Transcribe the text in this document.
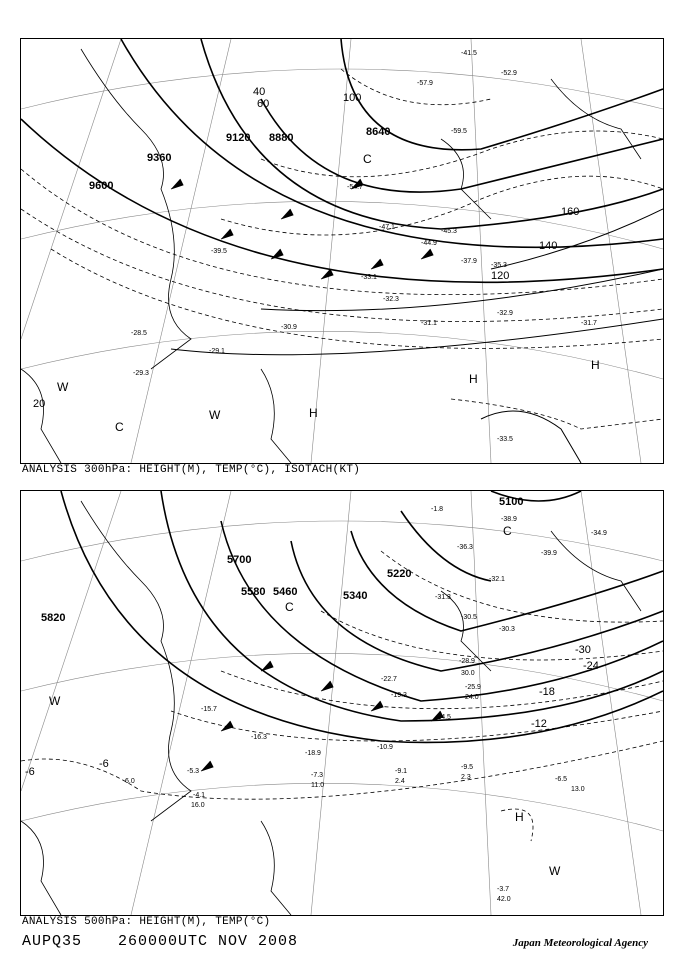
9600
9360
9120 8880	8640
20
40
60	100
120
140
160
-41.5
-52.9
-57.9
-59.5
-54.7
-47.1
-45.3
-44.9
-37.9
-39.5
-35.3
-33.1
-32.3
-31.1
-30.9
-31.7
-32.9
-29.3
-28.5
-29.1
-33.5
C
W
C
H
H
H
W
ANALYSIS 300hPa: HEIGHT(M), TEMP(°C), ISOTACH(KT)
5820
5700
5580 5460	5340
5220
5100
-6
-6
-12
-18
-24
-30
-1.8
-38.9
-34.9
-39.9
-36.3
-31.3
-32.1
-30.5
-30.3
-28.9
-25.9
-22.7
-19.3
-14.5
-15.7
-16.3
-18.9
-10.9
-9.1
-9.5
-6.5
-7.3
-4.1
-5.3
-3.7
42.0
6.0
16.0
13.0
2.3
2.4
11.0
30.0
24.0
W
C
C
H
W
ANALYSIS 500hPa: HEIGHT(M), TEMP(°C)
AUPQ35 260000UTC NOV 2008	Japan Meteorological Agency
